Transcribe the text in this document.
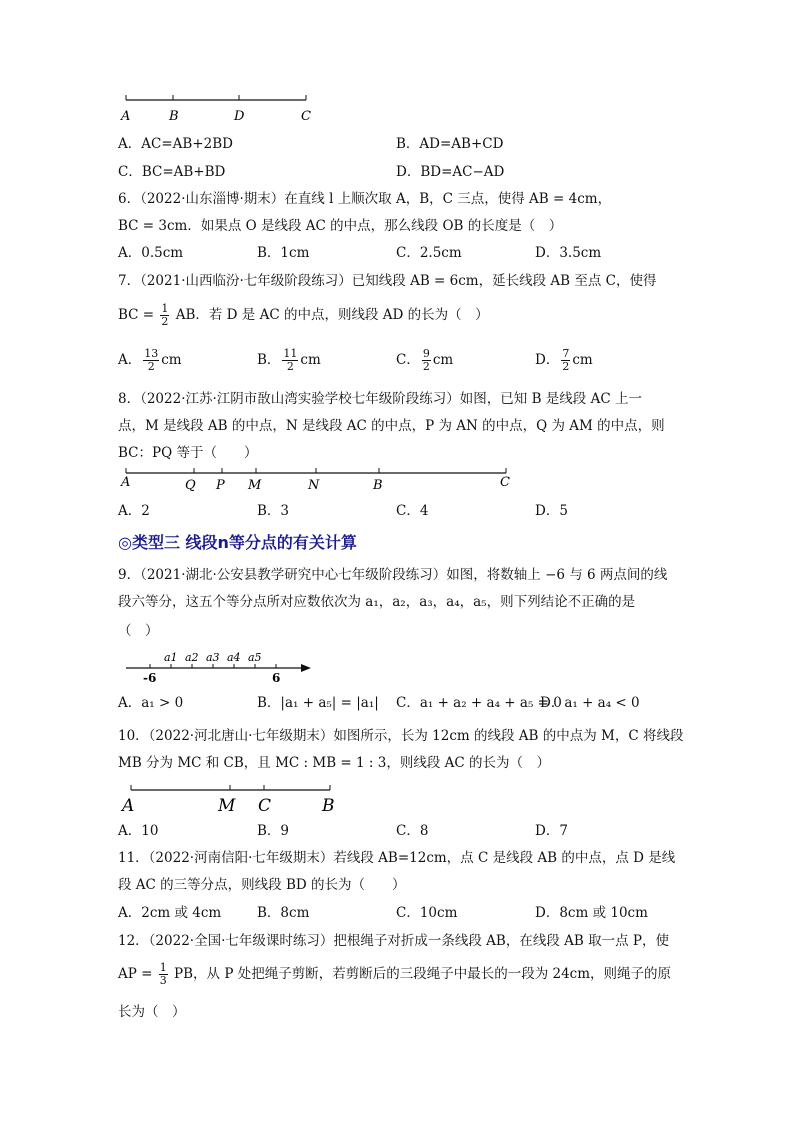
A	B	D	C
A．AC=AB+2BD	B．AD=AB+CD
C．BC=AB+BD	D．BD=AC−AD
6．（2022·山东淄博·期末）在直线 l 上顺次取 A，B，C 三点，使得 AB = 4cm，
BC = 3cm．如果点 O 是线段 AC 的中点，那么线段 OB 的长度是（　）
A．0.5cm	B．1cm	C．2.5cm	D．3.5cm
7．（2021·山西临汾·七年级阶段练习）已知线段 AB = 6cm，延长线段 AB 至点 C，使得
BC = $\frac{1}{2}$ AB．若 D 是 AC 的中点，则线段 AD 的长为（　）
A． $\frac{13}{2}$ cm	B． $\frac{11}{2}$ cm	C． $\frac{9}{2}$ cm	D． $\frac{7}{2}$ cm
8．（2022·江苏·江阴市敔山湾实验学校七年级阶段练习）如图，已知 B 是线段 AC 上一
点，M 是线段 AB 的中点，N 是线段 AC 的中点，P 为 AN 的中点，Q 为 AM 的中点，则
BC：PQ 等于（　　）
A	Q P M	N	B	C
A．2	B．3	C．4	D．5
◎类型三 线段n等分点的有关计算
9．（2021·湖北·公安县教学研究中心七年级阶段练习）如图，将数轴上 −6 与 6 两点间的线
段六等分，这五个等分点所对应数依次为 a₁，a₂，a₃，a₄，a₅，则下列结论不正确的是
（　）
a1 a2 a3 a4 a5
-6	6
A．a₁ > 0	B．|a₁ + a₅| = |a₁| C．a₁ + a₂ + a₄ + a₅ = 0
D．a₁ + a₄ < 0
10．（2022·河北唐山·七年级期末）如图所示，长为 12cm 的线段 AB 的中点为 M，C 将线段
MB 分为 MC 和 CB，且 MC : MB = 1 : 3，则线段 AC 的长为（　）
A	M C	B
A．10	B．9	C．8	D．7
11．（2022·河南信阳·七年级期末）若线段 AB=12cm，点 C 是线段 AB 的中点，点 D 是线
段 AC 的三等分点，则线段 BD 的长为（　　）
A．2cm 或 4cm	B．8cm	C．10cm	D．8cm 或 10cm
12．（2022·全国·七年级课时练习）把根绳子对折成一条线段 AB，在线段 AB 取一点 P，使
AP = $\frac{1}{3}$ PB，从 P 处把绳子剪断，若剪断后的三段绳子中最长的一段为 24cm，则绳子的原
长为（　）
